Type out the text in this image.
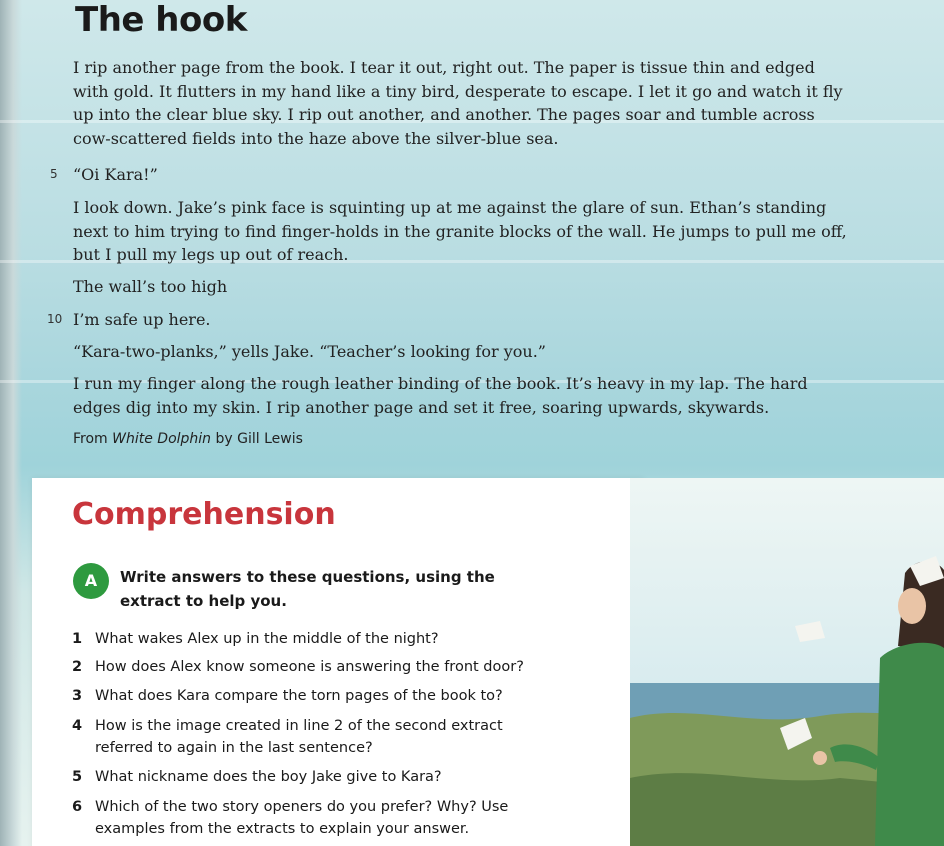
The hook
I rip another page from the book. I tear it out, right out. The paper is tissue thin and edged with gold. It flutters in my hand like a tiny bird, desperate to escape. I let it go and watch it fly up into the clear blue sky. I rip out another, and another. The pages soar and tumble across cow-scattered fields into the haze above the silver-blue sea.
5 “Oi Kara!”
I look down. Jake’s pink face is squinting up at me against the glare of sun. Ethan’s standing next to him trying to find finger-holds in the granite blocks of the wall. He jumps to pull me off, but I pull my legs up out of reach.
The wall’s too high
10 I’m safe up here.
“Kara-two-planks,” yells Jake. “Teacher’s looking for you.”
I run my finger along the rough leather binding of the book. It’s heavy in my lap. The hard edges dig into my skin. I rip another page and set it free, soaring upwards, skywards.
From White Dolphin by Gill Lewis
Comprehension
A	Write answers to these questions, using the extract to help you.
1 What wakes Alex up in the middle of the night?
2 How does Alex know someone is answering the front door?
3 What does Kara compare the torn pages of the book to?
4 How is the image created in line 2 of the second extract referred to again in the last sentence?
5 What nickname does the boy Jake give to Kara?
6 Which of the two story openers do you prefer? Why? Use examples from the extracts to explain your answer.
